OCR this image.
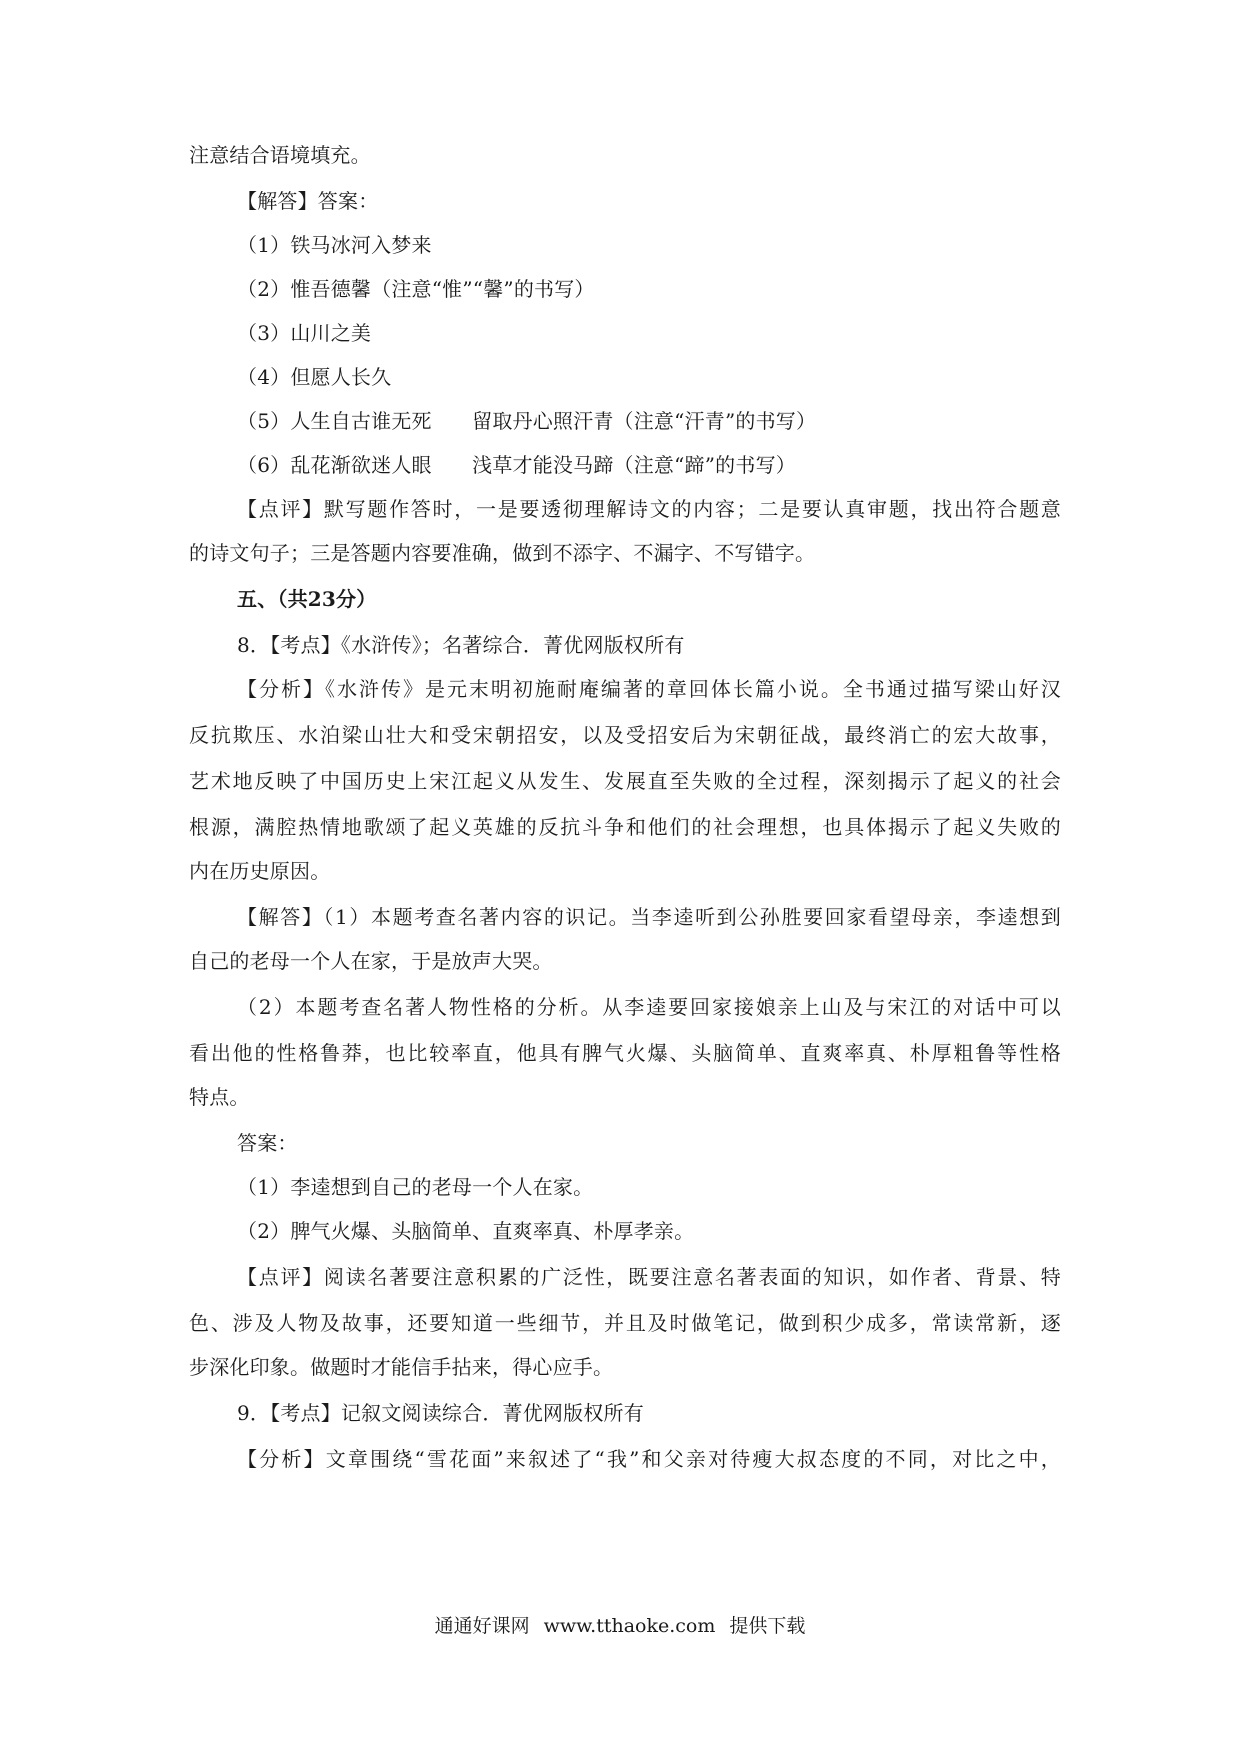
注意结合语境填充。
【解答】答案：
（1）铁马冰河入梦来
（2）惟吾德馨（注意“惟”“馨”的书写）
（3）山川之美
（4）但愿人长久
（5）人生自古谁无死　　留取丹心照汗青（注意“汗青”的书写）
（6）乱花渐欲迷人眼　　浅草才能没马蹄（注意“蹄”的书写）
【点评】默写题作答时，一是要透彻理解诗文的内容；二是要认真审题，找出符合题意
的诗文句子；三是答题内容要准确，做到不添字、不漏字、不写错字。
五、（共23分）
8．【考点】《水浒传》；名著综合．菁优网版权所有
【分析】《水浒传》是元末明初施耐庵编著的章回体长篇小说。全书通过描写梁山好汉
反抗欺压、水泊梁山壮大和受宋朝招安，以及受招安后为宋朝征战，最终消亡的宏大故事，
艺术地反映了中国历史上宋江起义从发生、发展直至失败的全过程，深刻揭示了起义的社会
根源，满腔热情地歌颂了起义英雄的反抗斗争和他们的社会理想，也具体揭示了起义失败的
内在历史原因。
【解答】（1）本题考查名著内容的识记。当李逵听到公孙胜要回家看望母亲，李逵想到
自己的老母一个人在家，于是放声大哭。
（2）本题考查名著人物性格的分析。从李逵要回家接娘亲上山及与宋江的对话中可以
看出他的性格鲁莽，也比较率直，他具有脾气火爆、头脑简单、直爽率真、朴厚粗鲁等性格
特点。
答案：
（1）李逵想到自己的老母一个人在家。
（2）脾气火爆、头脑简单、直爽率真、朴厚孝亲。
【点评】阅读名著要注意积累的广泛性，既要注意名著表面的知识，如作者、背景、特
色、涉及人物及故事，还要知道一些细节，并且及时做笔记，做到积少成多，常读常新，逐
步深化印象。做题时才能信手拈来，得心应手。
9．【考点】记叙文阅读综合．菁优网版权所有
【分析】文章围绕“雪花面”来叙述了“我”和父亲对待瘦大叔态度的不同，对比之中，
通通好课网 www.tthaoke.com 提供下载
